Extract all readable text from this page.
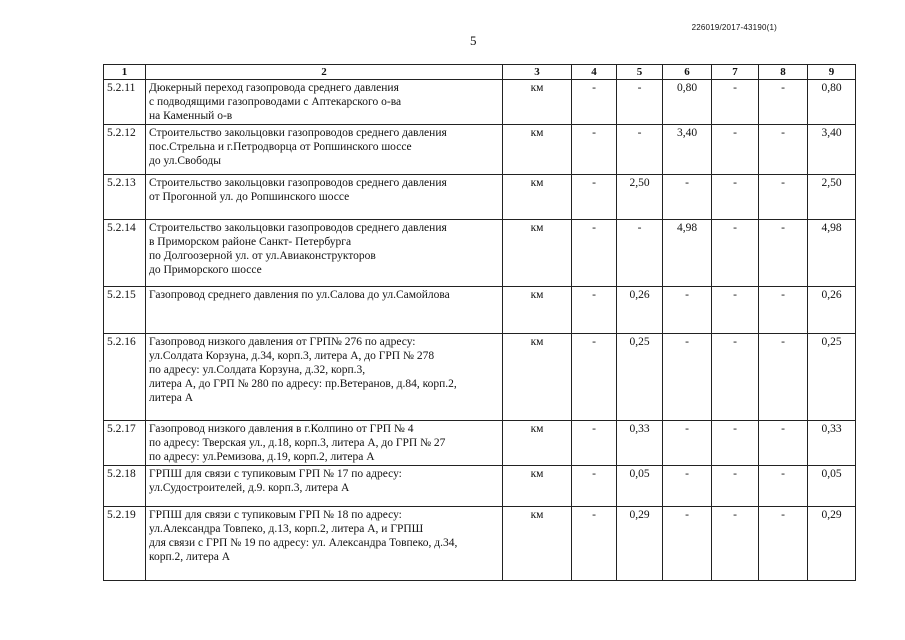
5
226019/2017-43190(1)
1	2	3	4	5	6	7	8	9
5.2.11	Дюкерный переход газопровода среднего давления
с подводящими газопроводами с Аптекарского о-ва
на Каменный о-в	км	-	-	0,80	-	-	0,80
5.2.12	Строительство закольцовки газопроводов среднего давления
пос.Стрельна и г.Петродворца от Ропшинского шоссе
до ул.Свободы	км	-	-	3,40	-	-	3,40
5.2.13	Строительство закольцовки газопроводов среднего давления
от Прогонной ул. до Ропшинского шоссе	км	-	2,50	-	-	-	2,50
5.2.14	Строительство закольцовки газопроводов среднего давления
в Приморском районе Санкт- Петербурга
по Долгоозерной ул. от ул.Авиаконструкторов
до Приморского шоссе	км	-	-	4,98	-	-	4,98
5.2.15	Газопровод среднего давления по ул.Салова до ул.Самойлова	км	-	0,26	-	-	-	0,26
5.2.16	Газопровод низкого давления от ГРП№ 276 по адресу:
ул.Солдата Корзуна, д.34, корп.3, литера А, до ГРП № 278
по адресу: ул.Солдата Корзуна, д.32, корп.3,
литера А, до ГРП № 280 по адресу: пр.Ветеранов, д.84, корп.2,
литера А	км	-	0,25	-	-	-	0,25
5.2.17	Газопровод низкого давления в г.Колпино от ГРП № 4
по адресу: Тверская ул., д.18, корп.3, литера А, до ГРП № 27
по адресу: ул.Ремизова, д.19, корп.2, литера А	км	-	0,33	-	-	-	0,33
5.2.18	ГРПШ для связи с тупиковым ГРП № 17 по адресу:
ул.Судостроителей, д.9. корп.3, литера А	км	-	0,05	-	-	-	0,05
5.2.19	ГРПШ для связи с тупиковым ГРП № 18 по адресу:
ул.Александра Товпеко, д.13, корп.2, литера А, и ГРПШ
для связи с ГРП № 19 по адресу: ул. Александра Товпеко, д.34,
корп.2, литера А	км	-	0,29	-	-	-	0,29
